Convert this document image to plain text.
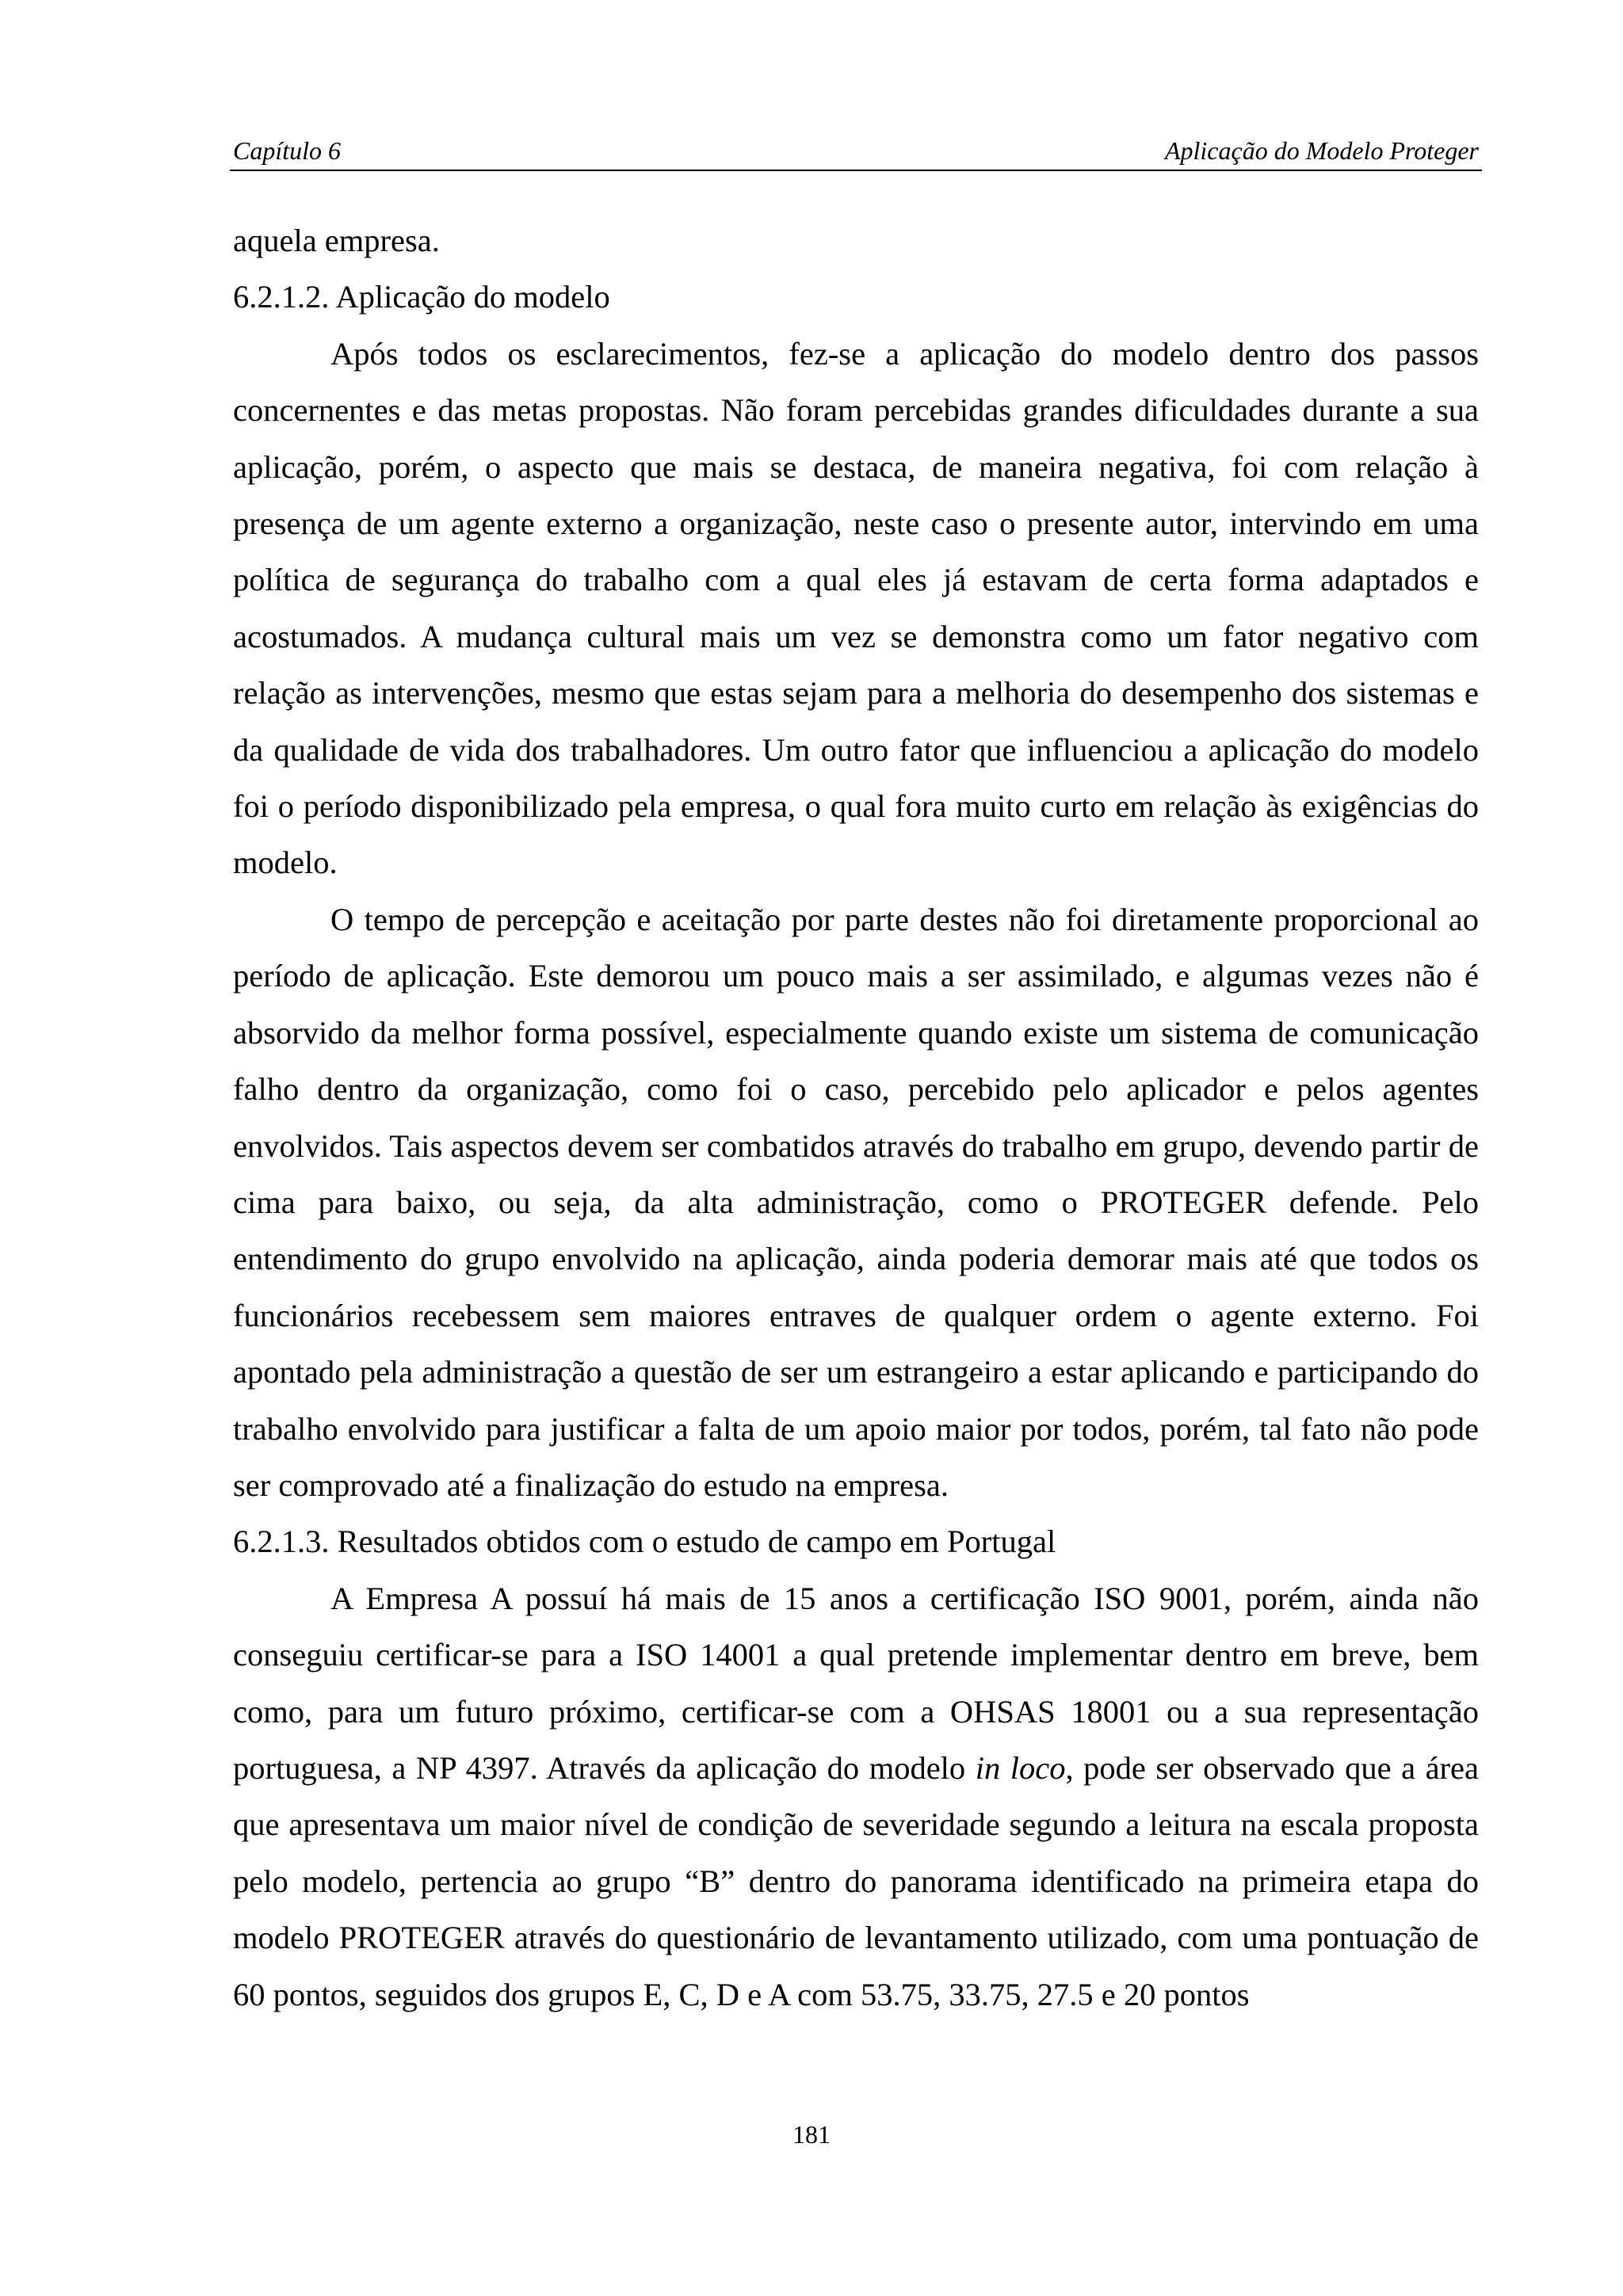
Capítulo 6	Aplicação do Modelo Proteger

aquela empresa.

6.2.1.2. Aplicação do modelo

Após todos os esclarecimentos, fez-se a aplicação do modelo dentro dos passos concernentes e das metas propostas. Não foram percebidas grandes dificuldades durante a sua aplicação, porém, o aspecto que mais se destaca, de maneira negativa, foi com relação à presença de um agente externo a organização, neste caso o presente autor, intervindo em uma política de segurança do trabalho com a qual eles já estavam de certa forma adaptados e acostumados. A mudança cultural mais um vez se demonstra como um fator negativo com relação as intervenções, mesmo que estas sejam para a melhoria do desempenho dos sistemas e da qualidade de vida dos trabalhadores. Um outro fator que influenciou a aplicação do modelo foi o período disponibilizado pela empresa, o qual fora muito curto em relação às exigências do modelo.

O tempo de percepção e aceitação por parte destes não foi diretamente proporcional ao período de aplicação. Este demorou um pouco mais a ser assimilado, e algumas vezes não é absorvido da melhor forma possível, especialmente quando existe um sistema de comunicação falho dentro da organização, como foi o caso, percebido pelo aplicador e pelos agentes envolvidos. Tais aspectos devem ser combatidos através do trabalho em grupo, devendo partir de cima para baixo, ou seja, da alta administração, como o PROTEGER defende. Pelo entendimento do grupo envolvido na aplicação, ainda poderia demorar mais até que todos os funcionários recebessem sem maiores entraves de qualquer ordem o agente externo. Foi apontado pela administração a questão de ser um estrangeiro a estar aplicando e participando do trabalho envolvido para justificar a falta de um apoio maior por todos, porém, tal fato não pode ser comprovado até a finalização do estudo na empresa.

6.2.1.3. Resultados obtidos com o estudo de campo em Portugal

A Empresa A possuí há mais de 15 anos a certificação ISO 9001, porém, ainda não conseguiu certificar-se para a ISO 14001 a qual pretende implementar dentro em breve, bem como, para um futuro próximo, certificar-se com a OHSAS 18001 ou a sua representação portuguesa, a NP 4397. Através da aplicação do modelo in loco, pode ser observado que a área que apresentava um maior nível de condição de severidade segundo a leitura na escala proposta pelo modelo, pertencia ao grupo “B” dentro do panorama identificado na primeira etapa do modelo PROTEGER através do questionário de levantamento utilizado, com uma pontuação de 60 pontos, seguidos dos grupos E, C, D e A com 53.75, 33.75, 27.5 e 20 pontos

181
